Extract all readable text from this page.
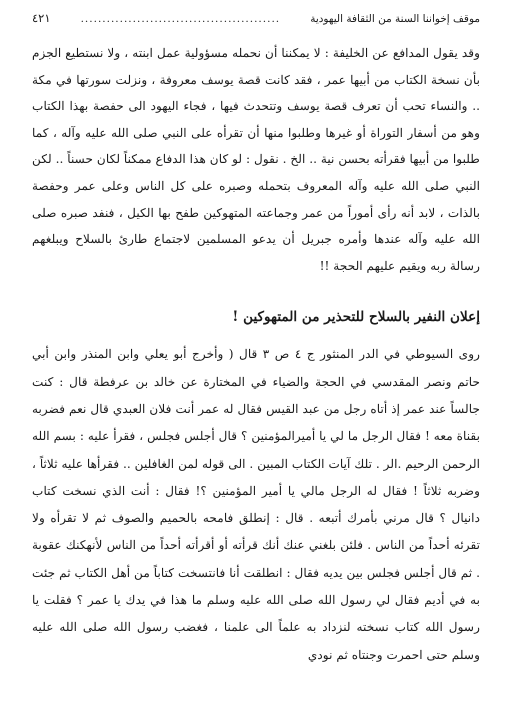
موقف إخواننا السنة من الثقافة اليهودية
..............................................
٤٢١

وقد يقول المدافع عن الخليفة : لا يمكننا أن نحمله مسؤولية عمل ابنته ، ولا نستطيع الجزم بأن نسخة الكتاب من أبيها عمر ، فقد كانت قصة يوسف معروفة ، ونزلت سورتها في مكة .. والنساء تحب أن تعرف قصة يوسف وتتحدث فيها ، فجاء اليهود الى حفصة بهذا الكتاب وهو من أسفار التوراة أو غيرها وطلبوا منها أن تقرأه على النبي صلى الله عليه وآله ، كما طلبوا من أبيها فقرأته بحسن نية .. الخ . نقول : لو كان هذا الدفاع ممكناً لكان حسناً .. لكن النبي صلى الله عليه وآله المعروف بتحمله وصبره على كل الناس وعلى عمر وحفصة بالذات ، لابد أنه رأى أموراً من عمر وجماعته المتهوكين طفح بها الكيل ، فنفد صبره صلى الله عليه وآله عندها وأمره جبريل أن يدعو المسلمين لاجتماع طارئ بالسلاح ويبلغهم رسالة ربه ويقيم عليهم الحجة !!

إعلان النفير بالسلاح للتحذير من المتهوكين !

روى السيوطي في الدر المنثور ج ٤ ص ٣ قال ( وأخرج أبو يعلي وابن المنذر وابن أبي حاتم ونصر المقدسي في الحجة والضياء في المختارة عن خالد بن عرفطة قال : كنت جالساً عند عمر إذ أتاه رجل من عبد القيس فقال له عمر أنت فلان العبدي قال نعم فضربه بقناة معه ! فقال الرجل ما لي يا أميرالمؤمنين ؟ قال أجلس فجلس ، فقرأ عليه : بسم الله الرحمن الرحيم .الر . تلك آيات الكتاب المبين . الى قوله لمن الغافلين .. فقرأها عليه ثلاثاً ، وضربه ثلاثاً ! فقال له الرجل مالي يا أمير المؤمنين ؟! فقال : أنت الذي نسخت كتاب دانيال ؟ قال مرني بأمرك أتبعه . قال : إنطلق فامحه بالحميم والصوف ثم لا تقرأه ولا تقرئه أحداً من الناس . فلئن بلغني عنك أنك قرأته أو أقرأته أحداً من الناس لأنهكنك عقوبة . ثم قال أجلس فجلس بين يديه فقال : انطلقت أنا فانتسخت كتاباً من أهل الكتاب ثم جئت به في أديم فقال لي رسول الله صلى الله عليه وسلم ما هذا في يدك يا عمر ؟ فقلت يا رسول الله كتاب نسخته لنزداد به علماً الى علمنا ، فغضب رسول الله صلى الله عليه وسلم حتى احمرت وجنتاه ثم نودي
